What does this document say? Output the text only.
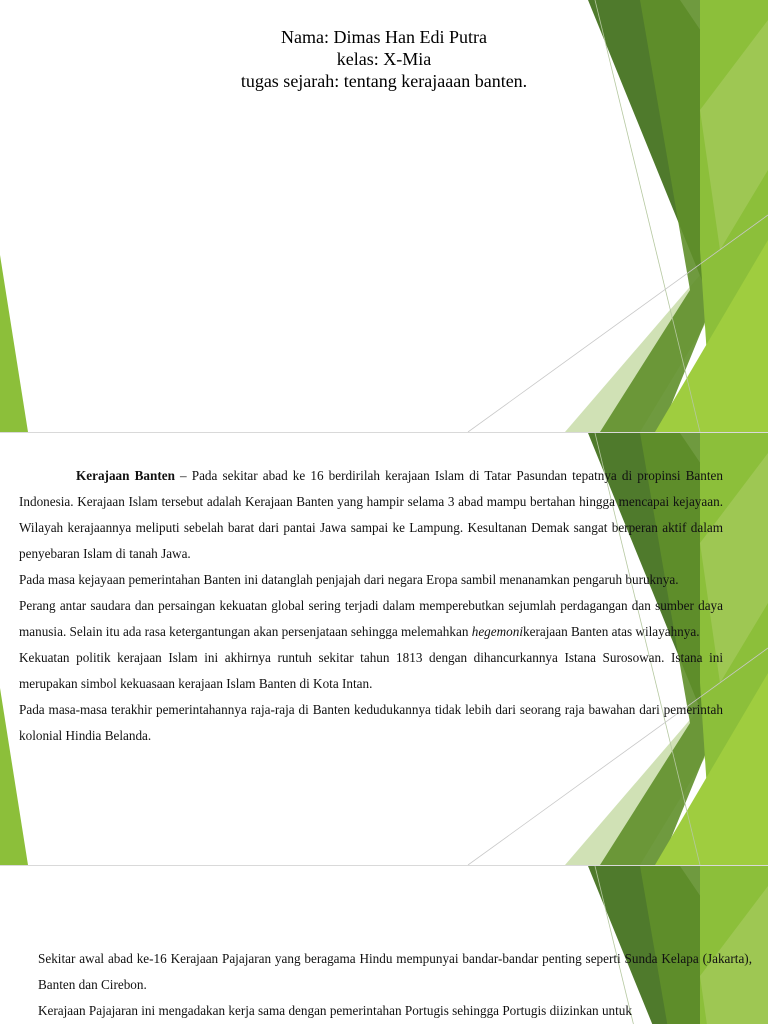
Nama: Dimas Han Edi Putra
kelas: X-Mia
tugas sejarah: tentang kerajaaan banten.

Kerajaan Banten – Pada sekitar abad ke 16 berdirilah kerajaan Islam di Tatar Pasundan tepatnya di propinsi Banten Indonesia. Kerajaan Islam tersebut adalah Kerajaan Banten yang hampir selama 3 abad mampu bertahan hingga mencapai kejayaan. Wilayah kerajaannya meliputi sebelah barat dari pantai Jawa sampai ke Lampung. Kesultanan Demak sangat berperan aktif dalam penyebaran Islam di tanah Jawa.

Pada masa kejayaan pemerintahan Banten ini datanglah penjajah dari negara Eropa sambil menanamkan pengaruh buruknya.

Perang antar saudara dan persaingan kekuatan global sering terjadi dalam memperebutkan sejumlah perdagangan dan sumber daya manusia. Selain itu ada rasa ketergantungan akan persenjataan sehingga melemahkan hegemonikerajaan Banten atas wilayahnya.

Kekuatan politik kerajaan Islam ini akhirnya runtuh sekitar tahun 1813 dengan dihancurkannya Istana Surosowan. Istana ini merupakan simbol kekuasaan kerajaan Islam Banten di Kota Intan.

Pada masa-masa terakhir pemerintahannya raja-raja di Banten kedudukannya tidak lebih dari seorang raja bawahan dari pemerintah kolonial Hindia Belanda.

Sekitar awal abad ke-16 Kerajaan Pajajaran yang beragama Hindu mempunyai bandar-bandar penting seperti Sunda Kelapa (Jakarta), Banten dan Cirebon.

Kerajaan Pajajaran ini mengadakan kerja sama dengan pemerintahan Portugis sehingga Portugis diizinkan untuk
